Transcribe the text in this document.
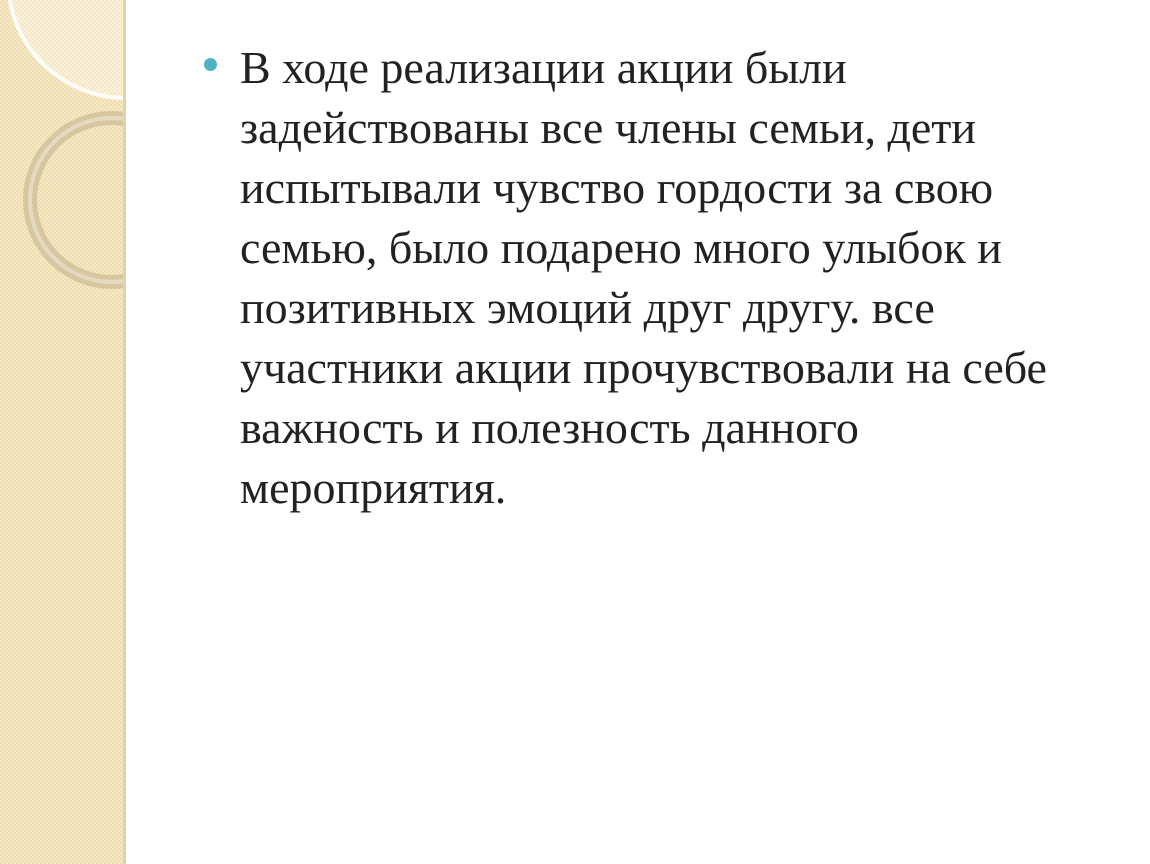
В ходе реализации акции были задействованы все члены семьи, дети испытывали чувство гордости за свою семью, было подарено много улыбок и позитивных эмоций друг другу. все участники акции прочувствовали на себе важность и полезность данного мероприятия.
